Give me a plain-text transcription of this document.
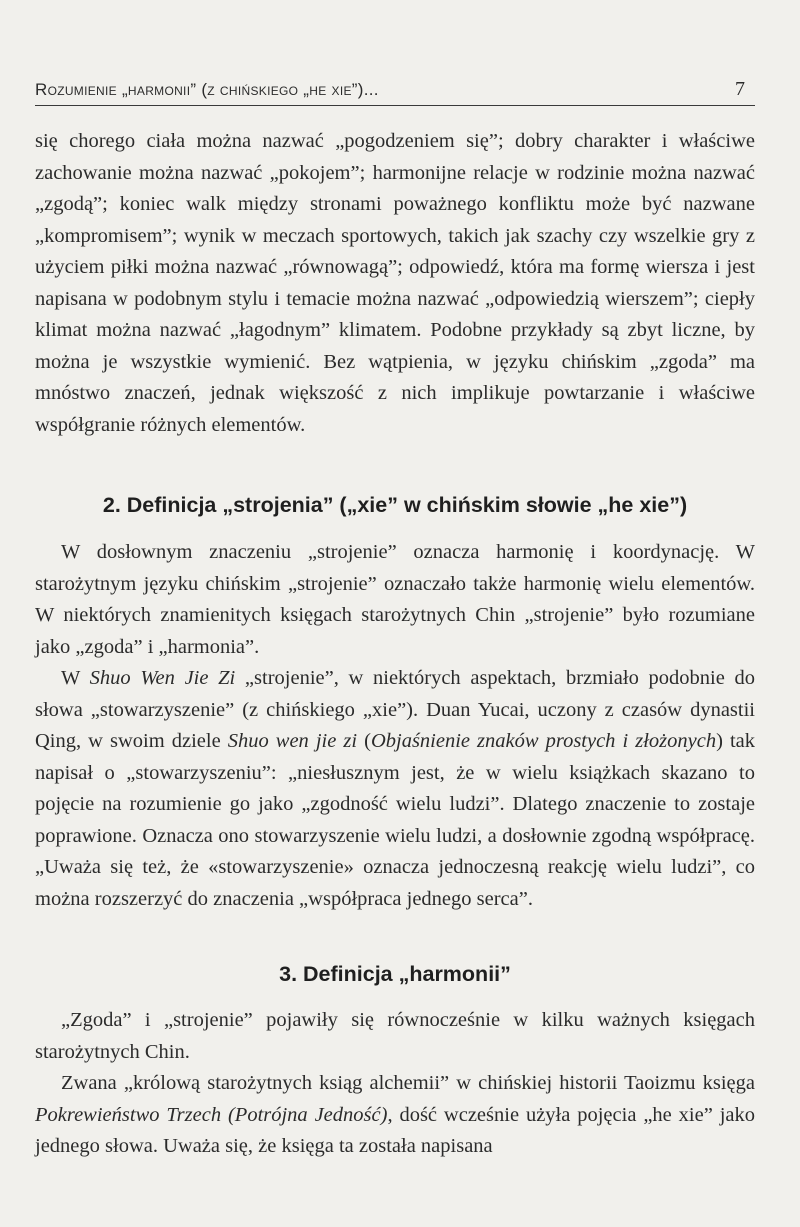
Rozumienie „harmonii” (z chińskiego „he xie”)...	7

się chorego ciała można nazwać „pogodzeniem się”; dobry charakter i właściwe zachowanie można nazwać „pokojem”; harmonijne relacje w rodzinie można nazwać „zgodą”; koniec walk między stronami poważnego konfliktu może być nazwane „kompromisem”; wynik w meczach sportowych, takich jak szachy czy wszelkie gry z użyciem piłki można nazwać „równowagą”; odpowiedź, która ma formę wiersza i jest napisana w podobnym stylu i temacie można nazwać „odpowiedzią wierszem”; ciepły klimat można nazwać „łagodnym” klimatem. Podobne przykłady są zbyt liczne, by można je wszystkie wymienić. Bez wątpienia, w języku chińskim „zgoda” ma mnóstwo znaczeń, jednak większość z nich implikuje powtarzanie i właściwe współgranie różnych elementów.

2. Definicja „strojenia” („xie” w chińskim słowie „he xie”)

W dosłownym znaczeniu „strojenie” oznacza harmonię i koordynację. W starożytnym języku chińskim „strojenie” oznaczało także harmonię wielu elementów. W niektórych znamienitych księgach starożytnych Chin „strojenie” było rozumiane jako „zgoda” i „harmonia”.

W Shuo Wen Jie Zi „strojenie”, w niektórych aspektach, brzmiało podobnie do słowa „stowarzyszenie” (z chińskiego „xie”). Duan Yucai, uczony z czasów dynastii Qing, w swoim dziele Shuo wen jie zi (Objaśnienie znaków prostych i złożonych) tak napisał o „stowarzyszeniu”: „niesłusznym jest, że w wielu książkach skazano to pojęcie na rozumienie go jako „zgodność wielu ludzi”. Dlatego znaczenie to zostaje poprawione. Oznacza ono stowarzyszenie wielu ludzi, a dosłownie zgodną współpracę. „Uważa się też, że «stowarzyszenie» oznacza jednoczesną reakcję wielu ludzi”, co można rozszerzyć do znaczenia „współpraca jednego serca”.

3. Definicja „harmonii”

„Zgoda” i „strojenie” pojawiły się równocześnie w kilku ważnych księgach starożytnych Chin.

Zwana „królową starożytnych ksiąg alchemii” w chińskiej historii Taoizmu księga Pokrewieństwo Trzech (Potrójna Jedność), dość wcześnie użyła pojęcia „he xie” jako jednego słowa. Uważa się, że księga ta została napisana
